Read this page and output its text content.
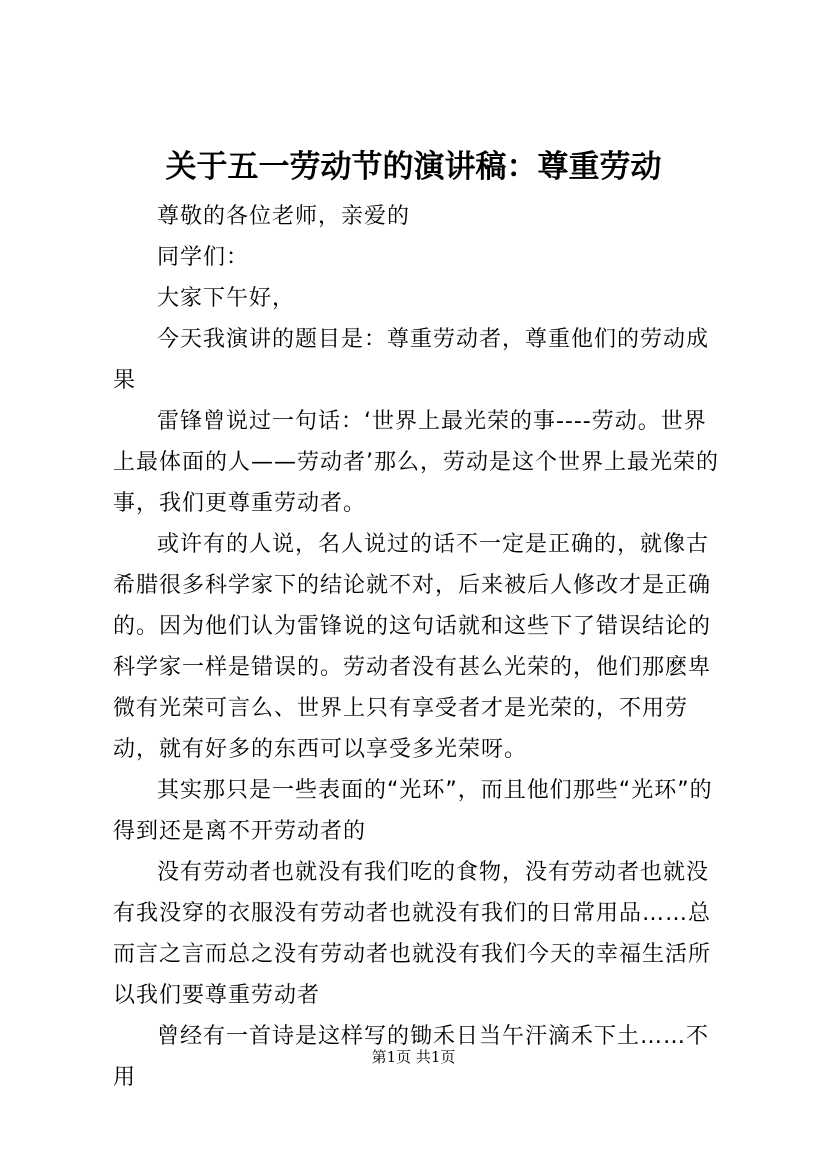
关于五一劳动节的演讲稿：尊重劳动

尊敬的各位老师，亲爱的

同学们：

大家下午好，

今天我演讲的题目是：尊重劳动者，尊重他们的劳动成果

雷锋曾说过一句话：‘世界上最光荣的事----劳动。世界上最体面的人——劳动者’那么，劳动是这个世界上最光荣的事，我们更尊重劳动者。

或许有的人说，名人说过的话不一定是正确的，就像古希腊很多科学家下的结论就不对，后来被后人修改才是正确的。因为他们认为雷锋说的这句话就和这些下了错误结论的科学家一样是错误的。劳动者没有甚么光荣的，他们那麽卑微有光荣可言么、世界上只有享受者才是光荣的，不用劳动，就有好多的东西可以享受多光荣呀。

其实那只是一些表面的“光环”，而且他们那些“光环”的得到还是离不开劳动者的

没有劳动者也就没有我们吃的食物，没有劳动者也就没有我没穿的衣服没有劳动者也就没有我们的日常用品……总而言之言而总之没有劳动者也就没有我们今天的幸福生活所以我们要尊重劳动者

曾经有一首诗是这样写的锄禾日当午汗滴禾下土……不用

第1页 共1页
